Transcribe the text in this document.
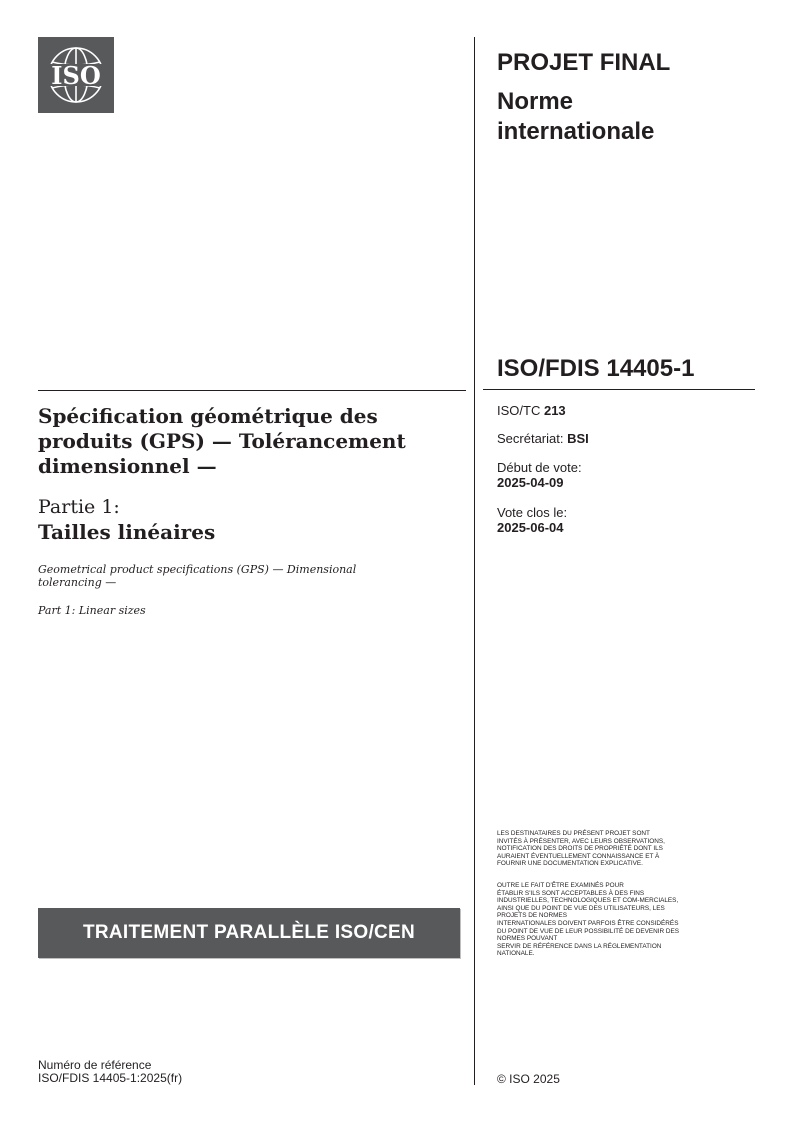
ISO	PROJET FINAL
Norme
internationale
ISO/FDIS 14405-1
ISO/TC 213
Secrétariat: BSI
Début de vote:
2025-04-09
Vote clos le:
2025-06-04
Spécification géométrique des
produits (GPS) — Tolérancement
dimensionnel —
Partie 1:
Tailles linéaires
Geometrical product specifications (GPS) — Dimensional
tolerancing —
Part 1: Linear sizes
LES DESTINATAIRES DU PRÉSENT PROJET SONT
INVITÉS À PRÉSENTER, AVEC LEURS OBSERVATIONS,
NOTIFICATION DES DROITS DE PROPRIÉTÉ DONT ILS
AURAIENT ÉVENTUELLEMENT CONNAISSANCE ET À
FOURNIR UNE DOCUMENTATION EXPLICATIVE.
OUTRE LE FAIT D'ÊTRE EXAMINÉS POUR
ÉTABLIR S'ILS SONT ACCEPTABLES À DES FINS
INDUSTRIELLES, TECHNOLOGIQUES ET COM-MERCIALES,
AINSI QUE DU POINT DE VUE DES UTILISATEURS, LES
PROJETS DE NORMES
INTERNATIONALES DOIVENT PARFOIS ÊTRE CONSIDÉRÉS
DU POINT DE VUE DE LEUR POSSIBILITÉ DE DEVENIR DES
NORMES POUVANT
SERVIR DE RÉFÉRENCE DANS LA RÉGLEMENTATION
NATIONALE.
TRAITEMENT PARALLÈLE ISO/CEN
Numéro de référence
ISO/FDIS 14405-1:2025(fr)	© ISO 2025
